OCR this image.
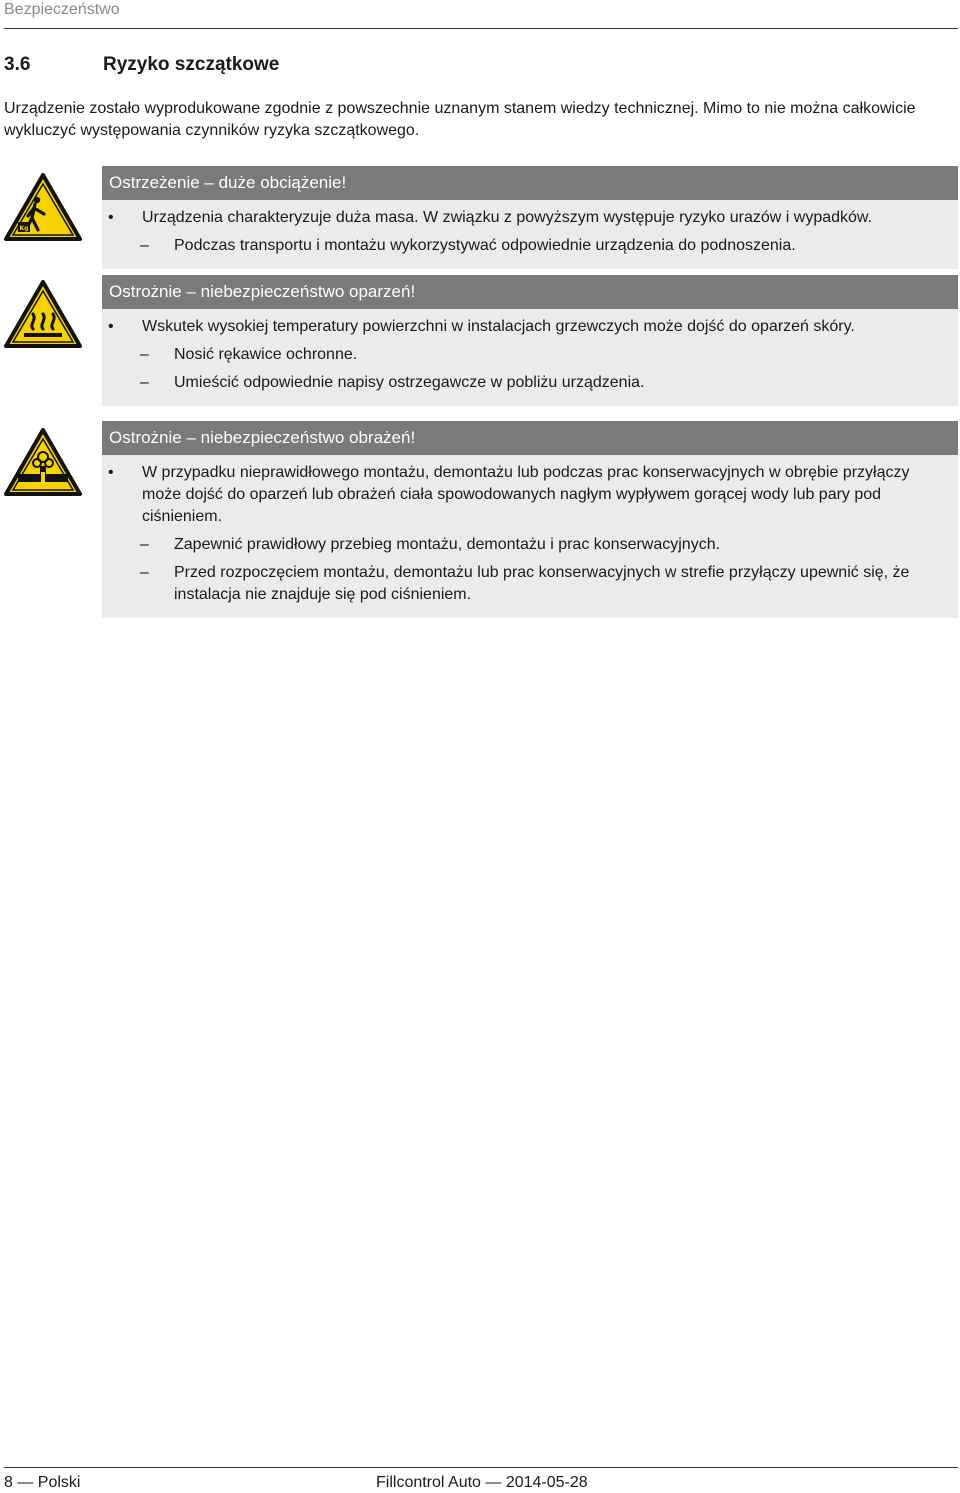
Bezpieczeństwo
3.6	Ryzyko szczątkowe
Urządzenie zostało wyprodukowane zgodnie z powszechnie uznanym stanem wiedzy technicznej. Mimo to nie można całkowicie wykluczyć występowania czynników ryzyka szczątkowego.
Kg
Ostrzeżenie – duże obciążenie!
• Urządzenia charakteryzuje duża masa. W związku z powyższym występuje ryzyko urazów i wypadków.
– Podczas transportu i montażu wykorzystywać odpowiednie urządzenia do podnoszenia.
Ostrożnie – niebezpieczeństwo oparzeń!
• Wskutek wysokiej temperatury powierzchni w instalacjach grzewczych może dojść do oparzeń skóry.
– Nosić rękawice ochronne.
– Umieścić odpowiednie napisy ostrzegawcze w pobliżu urządzenia.
Ostrożnie – niebezpieczeństwo obrażeń!
• W przypadku nieprawidłowego montażu, demontażu lub podczas prac konserwacyjnych w obrębie przyłączy może dojść do oparzeń lub obrażeń ciała spowodowanych nagłym wypływem gorącej wody lub pary pod ciśnieniem.
– Zapewnić prawidłowy przebieg montażu, demontażu i prac konserwacyjnych.
– Przed rozpoczęciem montażu, demontażu lub prac konserwacyjnych w strefie przyłączy upewnić się, że instalacja nie znajduje się pod ciśnieniem.
8 — Polski	Fillcontrol Auto — 2014-05-28
